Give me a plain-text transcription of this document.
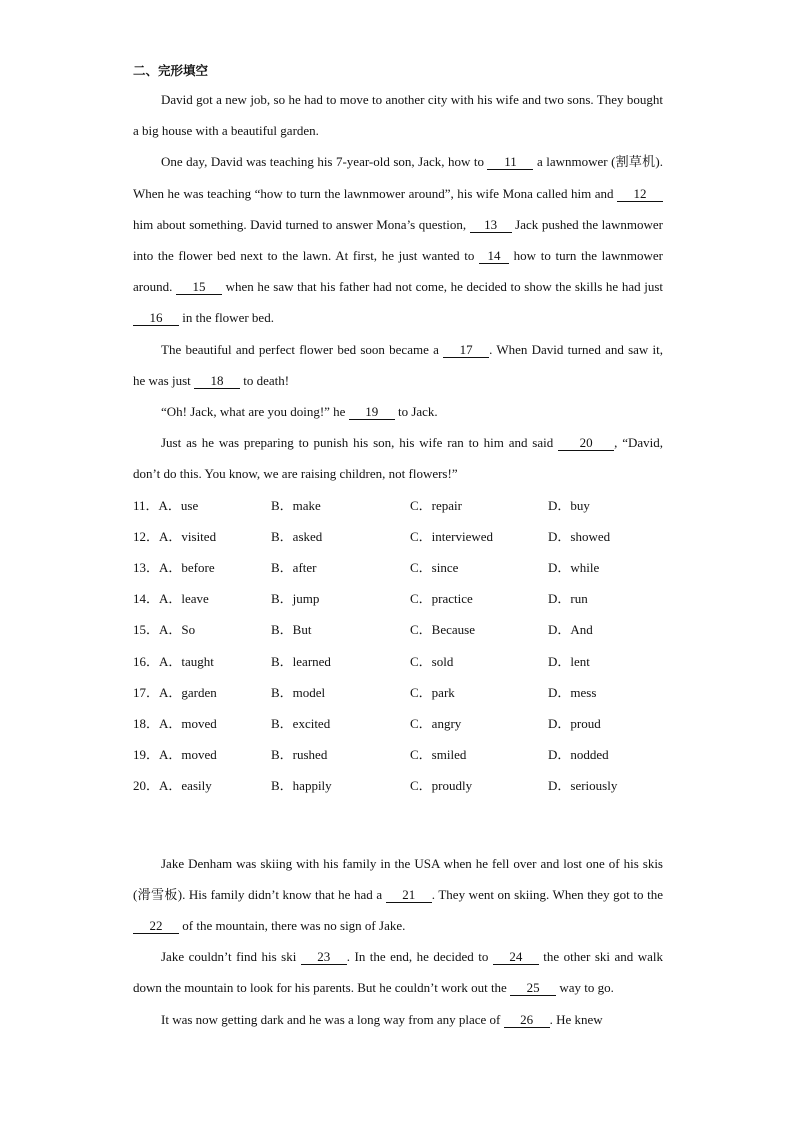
二、完形填空

David got a new job, so he had to move to another city with his wife and two sons. They bought a big house with a beautiful garden.

One day, David was teaching his 7-year-old son, Jack, how to 11 a lawnmower (割草机). When he was teaching “how to turn the lawnmower around”, his wife Mona called him and 12 him about something. David turned to answer Mona’s question, 13 Jack pushed the lawnmower into the flower bed next to the lawn. At first, he just wanted to 14 how to turn the lawnmower around. 15 when he saw that his father had not come, he decided to show the skills he had just 16 in the flower bed.

The beautiful and perfect flower bed soon became a 17 . When David turned and saw it, he was just 18 to death!

“Oh! Jack, what are you doing!” he 19 to Jack.

Just as he was preparing to punish his son, his wife ran to him and said 20 , “David, don’t do this. You know, we are raising children, not flowers!”

11．A．use	B．make	C．repair	D．buy
12．A．visited	B．asked	C．interviewed	D．showed
13．A．before	B．after	C．since	D．while
14．A．leave	B．jump	C．practice	D．run
15．A．So	B．But	C．Because	D．And
16．A．taught	B．learned	C．sold	D．lent
17．A．garden	B．model	C．park	D．mess
18．A．moved	B．excited	C．angry	D．proud
19．A．moved	B．rushed	C．smiled	D．nodded
20．A．easily	B．happily	C．proudly	D．seriously

Jake Denham was skiing with his family in the USA when he fell over and lost one of his skis (滑雪板). His family didn’t know that he had a 21 . They went on skiing. When they got to the 22 of the mountain, there was no sign of Jake.

Jake couldn’t find his ski 23 . In the end, he decided to 24 the other ski and walk down the mountain to look for his parents. But he couldn’t work out the 25 way to go.

It was now getting dark and he was a long way from any place of 26 . He knew
